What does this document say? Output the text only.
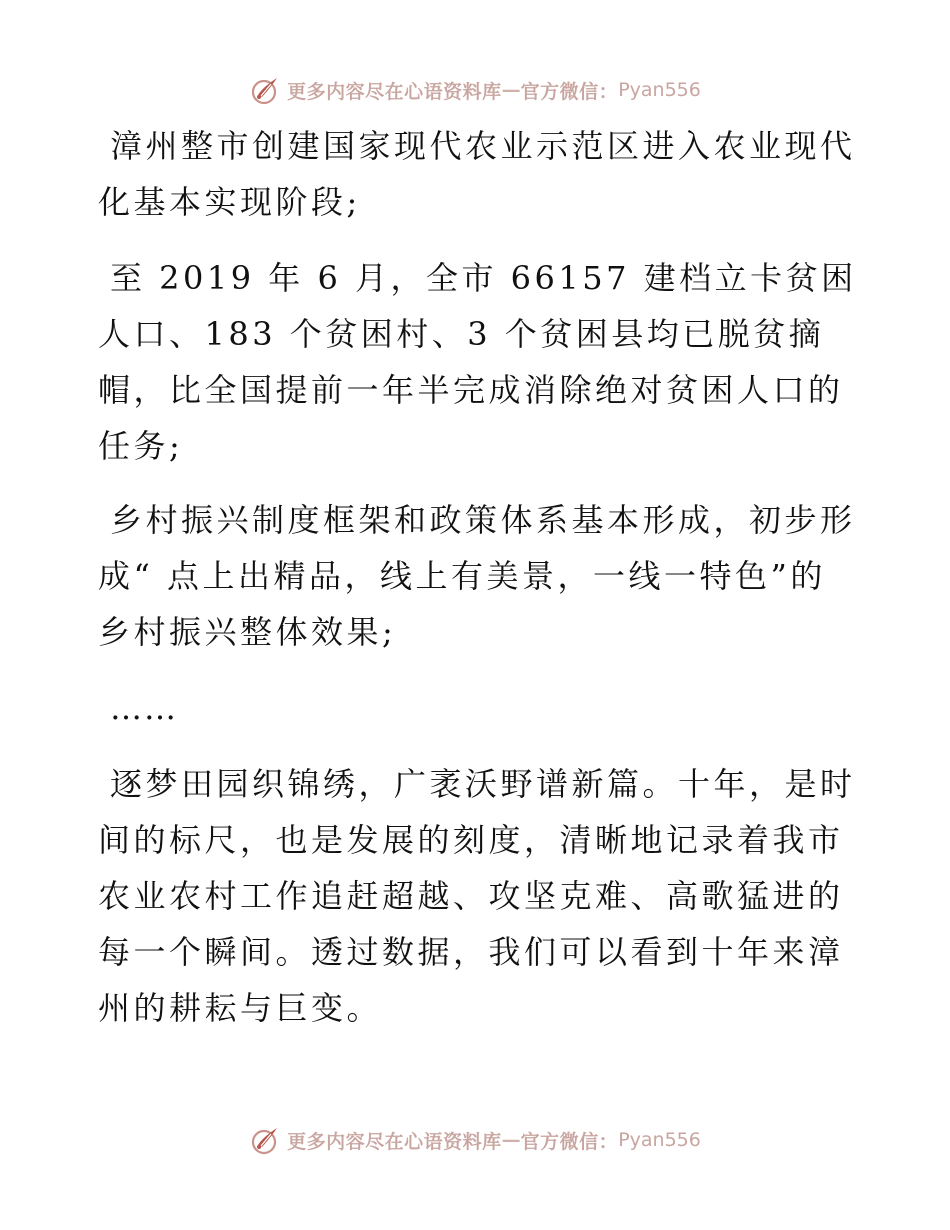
更多内容尽在心语资料库 — 官方微信： Pyan556

漳州整市创建国家现代农业示范区进入农业现代化基本实现阶段;

至 2019 年 6 月，全市 66157 建档立卡贫困人口、183 个贫困村、3 个贫困县均已脱贫摘帽，比全国提前一年半完成消除绝对贫困人口的任务;

乡村振兴制度框架和政策体系基本形成，初步形成“ 点上出精品，线上有美景，一线一特色”的乡村振兴整体效果;

……

逐梦田园织锦绣，广袤沃野谱新篇。十年，是时间的标尺，也是发展的刻度，清晰地记录着我市农业农村工作追赶超越、攻坚克难、高歌猛进的每一个瞬间。透过数据，我们可以看到十年来漳州的耕耘与巨变。

更多内容尽在心语资料库 — 官方微信： Pyan556
